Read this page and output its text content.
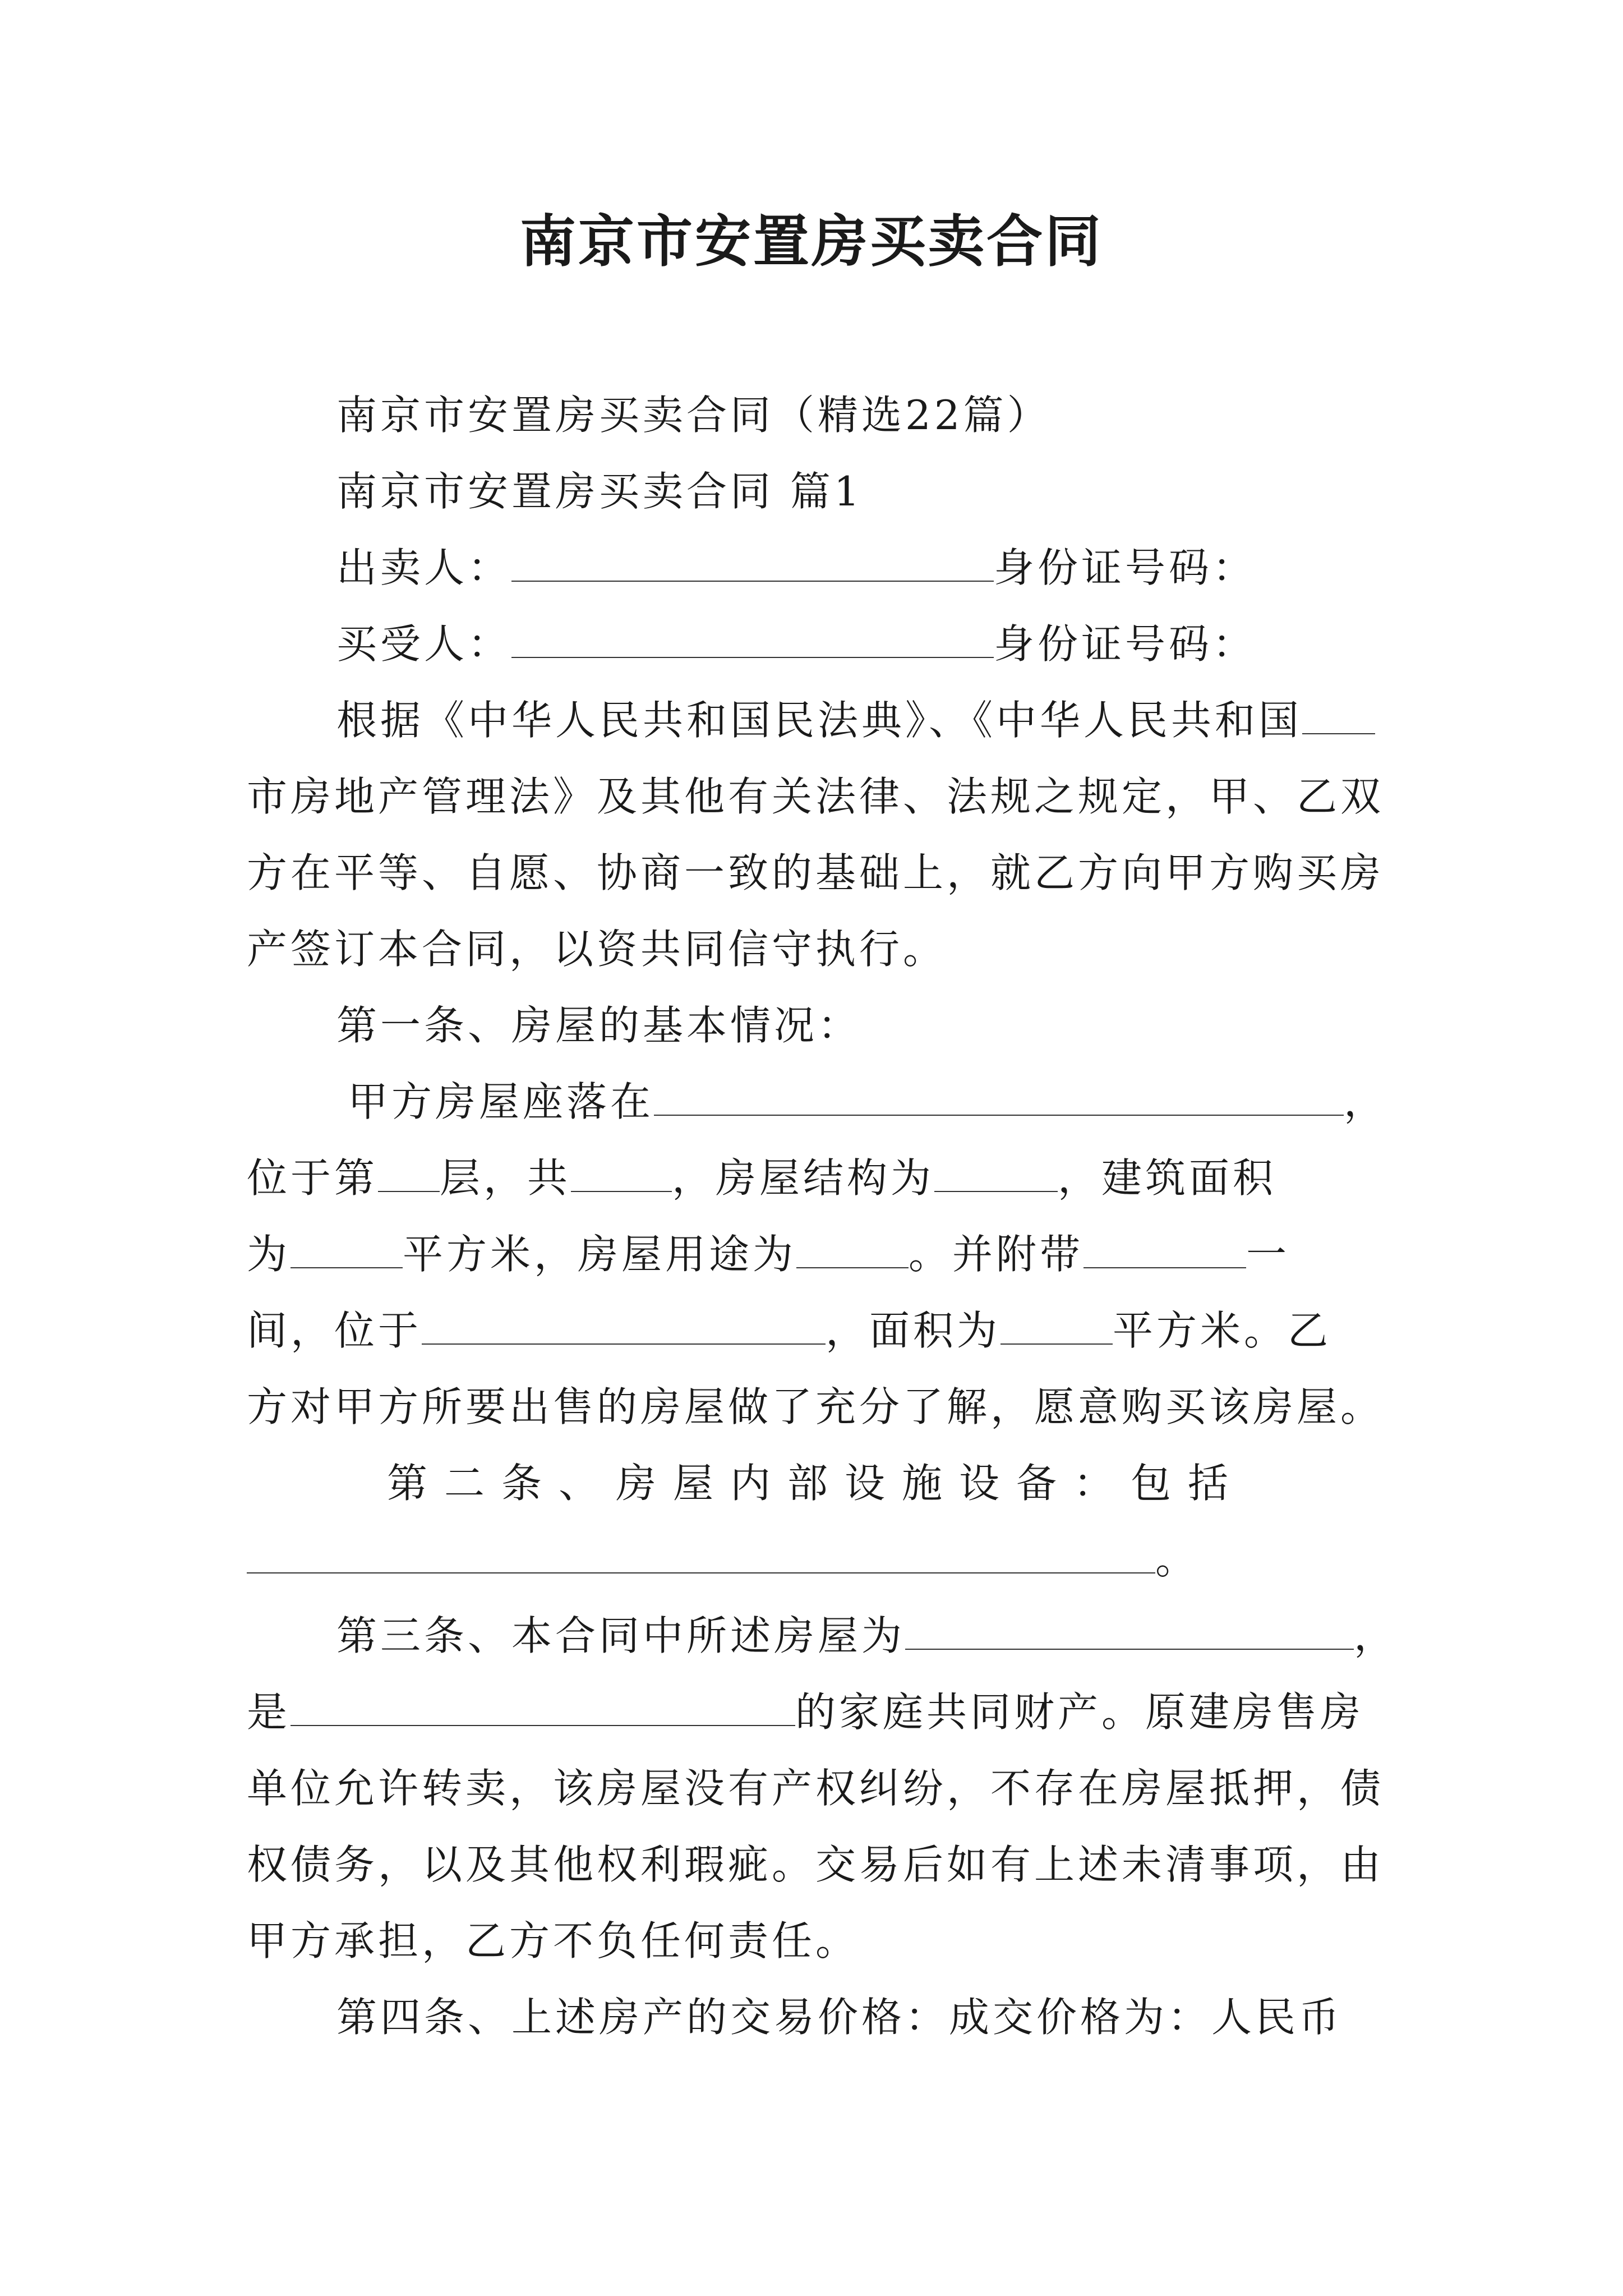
南京市安置房买卖合同
南京市安置房买卖合同（精选22篇）
南京市安置房买卖合同 篇1
出卖人：	身份证号码：
买受人：	身份证号码：
根据《中华人民共和国民法典》、《中华人民共和国
市房地产管理法》及其他有关法律、法规之规定，甲、乙双
方在平等、自愿、协商一致的基础上，就乙方向甲方购买房
产签订本合同，以资共同信守执行。
第一条、房屋的基本情况：
甲方房屋座落在	，
位于第 层，共	，房屋结构为	，建筑面积
为	平方米，房屋用途为	。并附带	一
间，位于	，面积为	平方米。乙
方对甲方所要出售的房屋做了充分了解，愿意购买该房屋。
第二条、房屋内部设施设备：包括
。
第三条、本合同中所述房屋为	，
是	的家庭共同财产。原建房售房
单位允许转卖，该房屋没有产权纠纷，不存在房屋抵押，债
权债务，以及其他权利瑕疵。交易后如有上述未清事项，由
甲方承担，乙方不负任何责任。
第四条、上述房产的交易价格：成交价格为：人民币
